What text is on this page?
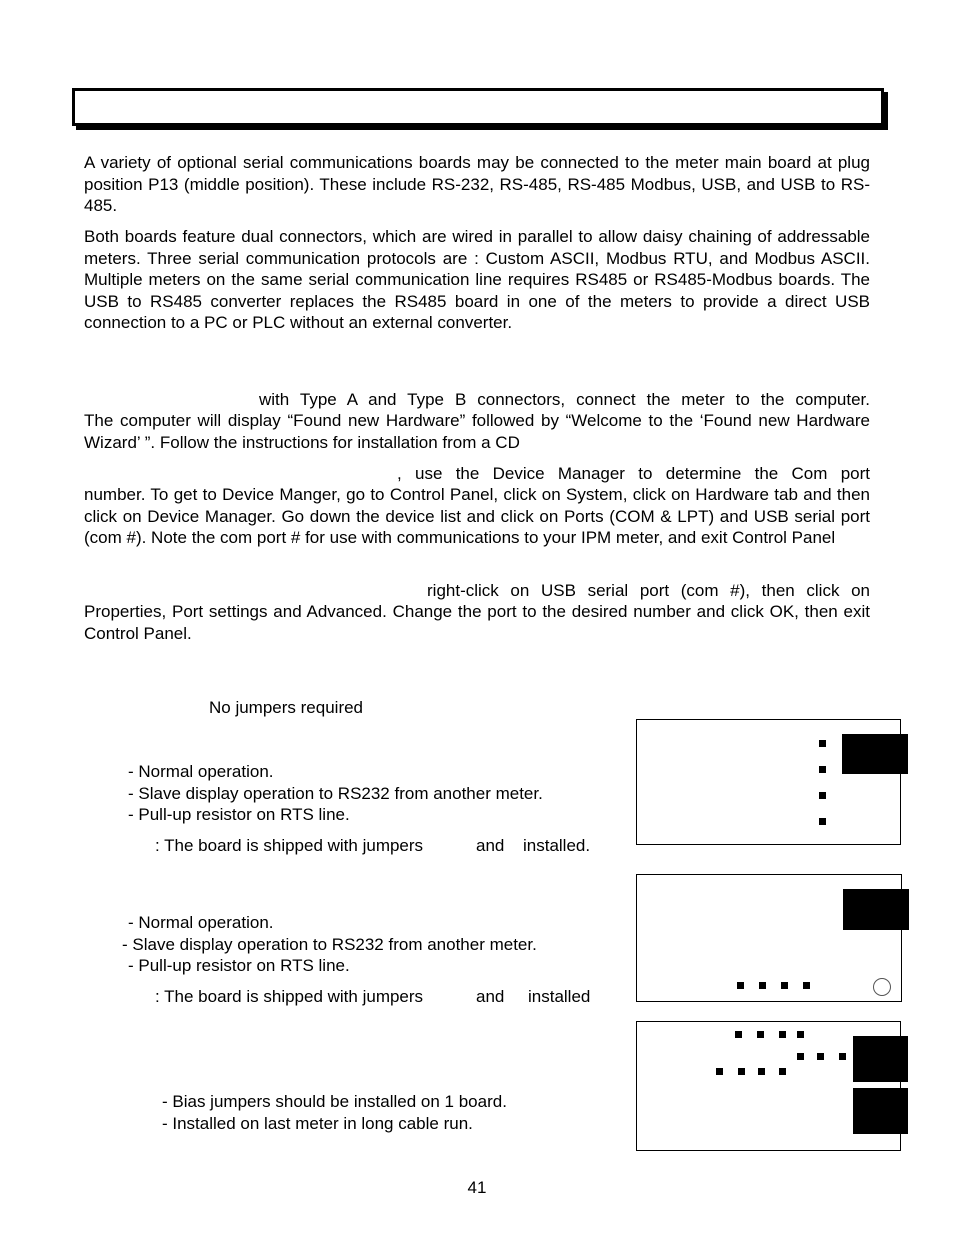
A variety of optional serial communications boards may be connected to the meter main board at plug position P13 (middle position). These include RS-232, RS-485, RS-485 Modbus, USB, and USB to RS-485.

Both boards feature dual connectors, which are wired in parallel to allow daisy chaining of addressable meters. Three serial communication protocols are : Custom ASCII, Modbus RTU, and Modbus ASCII. Multiple meters on the same serial communication line requires RS485 or RS485-Modbus boards. The USB to RS485 converter replaces the RS485 board in one of the meters to provide a direct USB connection to a PC or PLC without an external converter.

with Type A and Type B connectors, connect the meter to the computer.

The computer will display “Found new Hardware” followed by “Welcome to the ‘Found new Hardware Wizard’ ”. Follow the instructions for installation from a CD

, use the Device Manager to determine the Com port

number. To get to Device Manger, go to Control Panel, click on System, click on Hardware tab and then click on Device Manager. Go down the device list and click on Ports (COM & LPT) and USB serial port (com #). Note the com port # for use with communications to your IPM meter, and exit Control Panel

right-click on USB serial port (com #), then click on

Properties, Port settings and Advanced. Change the port to the desired number and click OK, then exit Control Panel.

No jumpers required
- Normal operation.
- Slave display operation to RS232 from another meter.
- Pull-up resistor on RTS line.
: The board is shipped with jumpers	and installed.
- Normal operation.
- Slave display operation to RS232 from another meter.
- Pull-up resistor on RTS line.
: The board is shipped with jumpers	and installed
- Bias jumpers should be installed on 1 board.
- Installed on last meter in long cable run.
41
